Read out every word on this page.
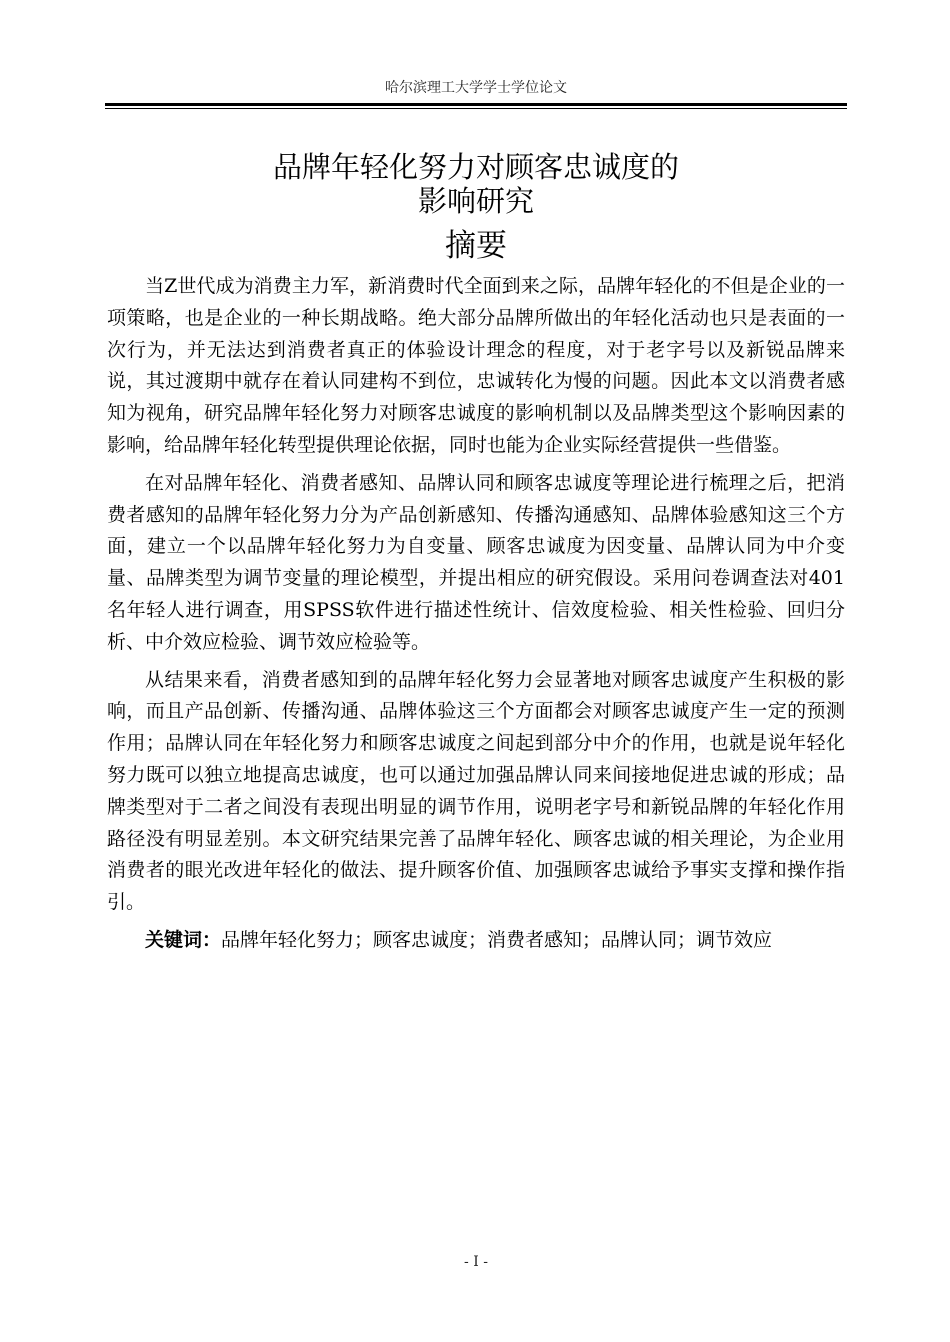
哈尔滨理工大学学士学位论文
品牌年轻化努力对顾客忠诚度的
影响研究
摘要

当Z世代成为消费主力军，新消费时代全面到来之际，品牌年轻化的不但是企业的一项策略，也是企业的一种长期战略。绝大部分品牌所做出的年轻化活动也只是表面的一次行为，并无法达到消费者真正的体验设计理念的程度，对于老字号以及新锐品牌来说，其过渡期中就存在着认同建构不到位，忠诚转化为慢的问题。因此本文以消费者感知为视角，研究品牌年轻化努力对顾客忠诚度的影响机制以及品牌类型这个影响因素的影响，给品牌年轻化转型提供理论依据，同时也能为企业实际经营提供一些借鉴。

在对品牌年轻化、消费者感知、品牌认同和顾客忠诚度等理论进行梳理之后，把消费者感知的品牌年轻化努力分为产品创新感知、传播沟通感知、品牌体验感知这三个方面，建立一个以品牌年轻化努力为自变量、顾客忠诚度为因变量、品牌认同为中介变量、品牌类型为调节变量的理论模型，并提出相应的研究假设。采用问卷调查法对401名年轻人进行调查，用SPSS软件进行描述性统计、信效度检验、相关性检验、回归分析、中介效应检验、调节效应检验等。

从结果来看，消费者感知到的品牌年轻化努力会显著地对顾客忠诚度产生积极的影响，而且产品创新、传播沟通、品牌体验这三个方面都会对顾客忠诚度产生一定的预测作用；品牌认同在年轻化努力和顾客忠诚度之间起到部分中介的作用，也就是说年轻化努力既可以独立地提高忠诚度，也可以通过加强品牌认同来间接地促进忠诚的形成；品牌类型对于二者之间没有表现出明显的调节作用，说明老字号和新锐品牌的年轻化作用路径没有明显差别。本文研究结果完善了品牌年轻化、顾客忠诚的相关理论，为企业用消费者的眼光改进年轻化的做法、提升顾客价值、加强顾客忠诚给予事实支撑和操作指引。

关键词：品牌年轻化努力；顾客忠诚度；消费者感知；品牌认同；调节效应

- I -
